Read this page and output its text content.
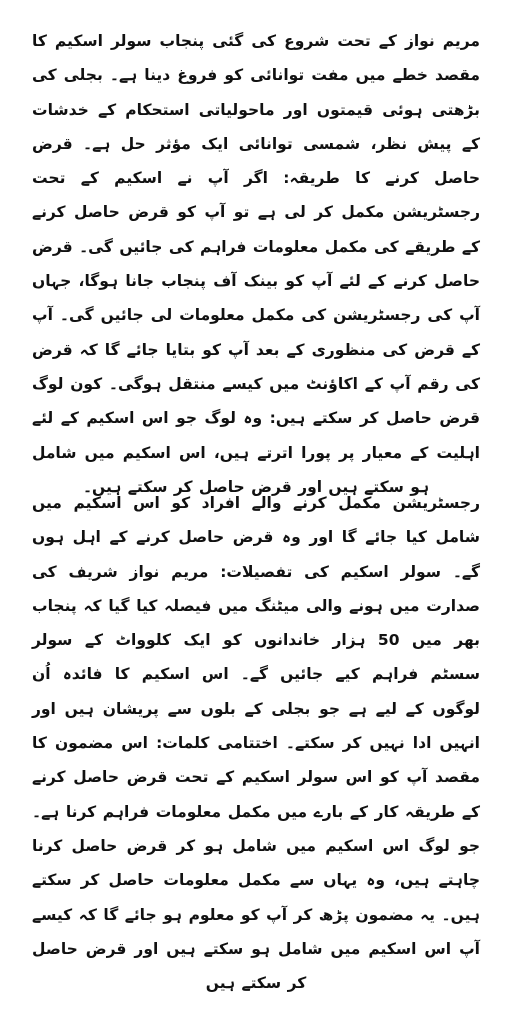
مریم نواز کے تحت شروع کی گئی پنجاب سولر اسکیم کا مقصد خطے میں مفت توانائی کو فروغ دینا ہے۔ بجلی کی بڑھتی ہوئی قیمتوں اور ماحولیاتی استحکام کے خدشات کے پیش نظر، شمسی توانائی ایک مؤثر حل ہے۔ قرض حاصل کرنے کا طریقہ: اگر آپ نے اسکیم کے تحت رجسٹریشن مکمل کر لی ہے تو آپ کو قرض حاصل کرنے کے طریقے کی مکمل معلومات فراہم کی جائیں گی۔ قرض حاصل کرنے کے لئے آپ کو بینک آف پنجاب جانا ہوگا، جہاں آپ کی رجسٹریشن کی مکمل معلومات لی جائیں گی۔ آپ کے قرض کی منظوری کے بعد آپ کو بتایا جائے گا کہ قرض کی رقم آپ کے اکاؤنٹ میں کیسے منتقل ہوگی۔ کون لوگ قرض حاصل کر سکتے ہیں: وہ لوگ جو اس اسکیم کے لئے اہلیت کے معیار پر پورا اترتے ہیں، اس اسکیم میں شامل ہو سکتے ہیں اور قرض حاصل کر سکتے ہیں۔

رجسٹریشن مکمل کرنے والے افراد کو اس اسکیم میں شامل کیا جائے گا اور وہ قرض حاصل کرنے کے اہل ہوں گے۔ سولر اسکیم کی تفصیلات: مریم نواز شریف کی صدارت میں ہونے والی میٹنگ میں فیصلہ کیا گیا کہ پنجاب بھر میں 50 ہزار خاندانوں کو ایک کلوواٹ کے سولر سسٹم فراہم کیے جائیں گے۔ اس اسکیم کا فائدہ اُن لوگوں کے لیے ہے جو بجلی کے بلوں سے پریشان ہیں اور انہیں ادا نہیں کر سکتے۔ اختتامی کلمات: اس مضمون کا مقصد آپ کو اس سولر اسکیم کے تحت قرض حاصل کرنے کے طریقہ کار کے بارے میں مکمل معلومات فراہم کرنا ہے۔ جو لوگ اس اسکیم میں شامل ہو کر قرض حاصل کرنا چاہتے ہیں، وہ یہاں سے مکمل معلومات حاصل کر سکتے ہیں۔ یہ مضمون پڑھ کر آپ کو معلوم ہو جائے گا کہ کیسے آپ اس اسکیم میں شامل ہو سکتے ہیں اور قرض حاصل کر سکتے ہیں
